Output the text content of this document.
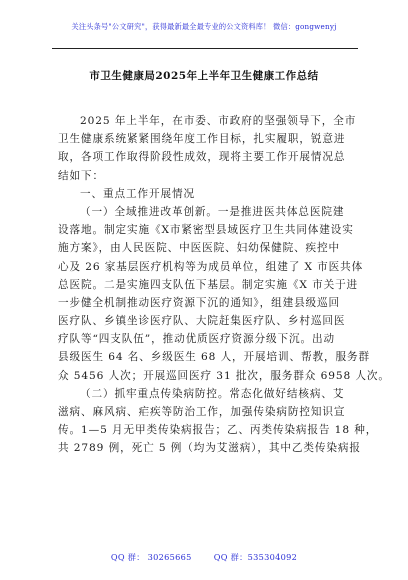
关注头条号"公文研究"，获得最新最全最专业的公文资料库！ 微信：gongwenyj
市卫生健康局2025年上半年卫生健康工作总结
2025 年上半年，在市委、市政府的坚强领导下，全市
卫生健康系统紧紧围绕年度工作目标，扎实履职，锐意进
取，各项工作取得阶段性成效，现将主要工作开展情况总
结如下：
一、重点工作开展情况
（一）全域推进改革创新。一是推进医共体总医院建
设落地。制定实施《X市紧密型县域医疗卫生共同体建设实
施方案》，由人民医院、中医医院、妇幼保健院、疾控中
心及 26 家基层医疗机构等为成员单位，组建了 X 市医共体
总医院。二是实施四支队伍下基层。制定实施《X 市关于进
一步健全机制推动医疗资源下沉的通知》，组建县级巡回
医疗队、乡镇坐诊医疗队、大院赶集医疗队、乡村巡回医
疗队等“四支队伍”，推动优质医疗资源分级下沉。出动
县级医生 64 名、乡级医生 68 人，开展培训、帮教，服务群
众 5456 人次；开展巡回医疗 31 批次，服务群众 6958 人次。
（二）抓牢重点传染病防控。常态化做好结核病、艾
滋病、麻风病、疟疾等防治工作，加强传染病防控知识宣
传。1—5 月无甲类传染病报告；乙、丙类传染病报告 18 种，
共 2789 例，死亡 5 例（均为艾滋病），其中乙类传染病报
QQ 群： 30265665	QQ 群：535304092
